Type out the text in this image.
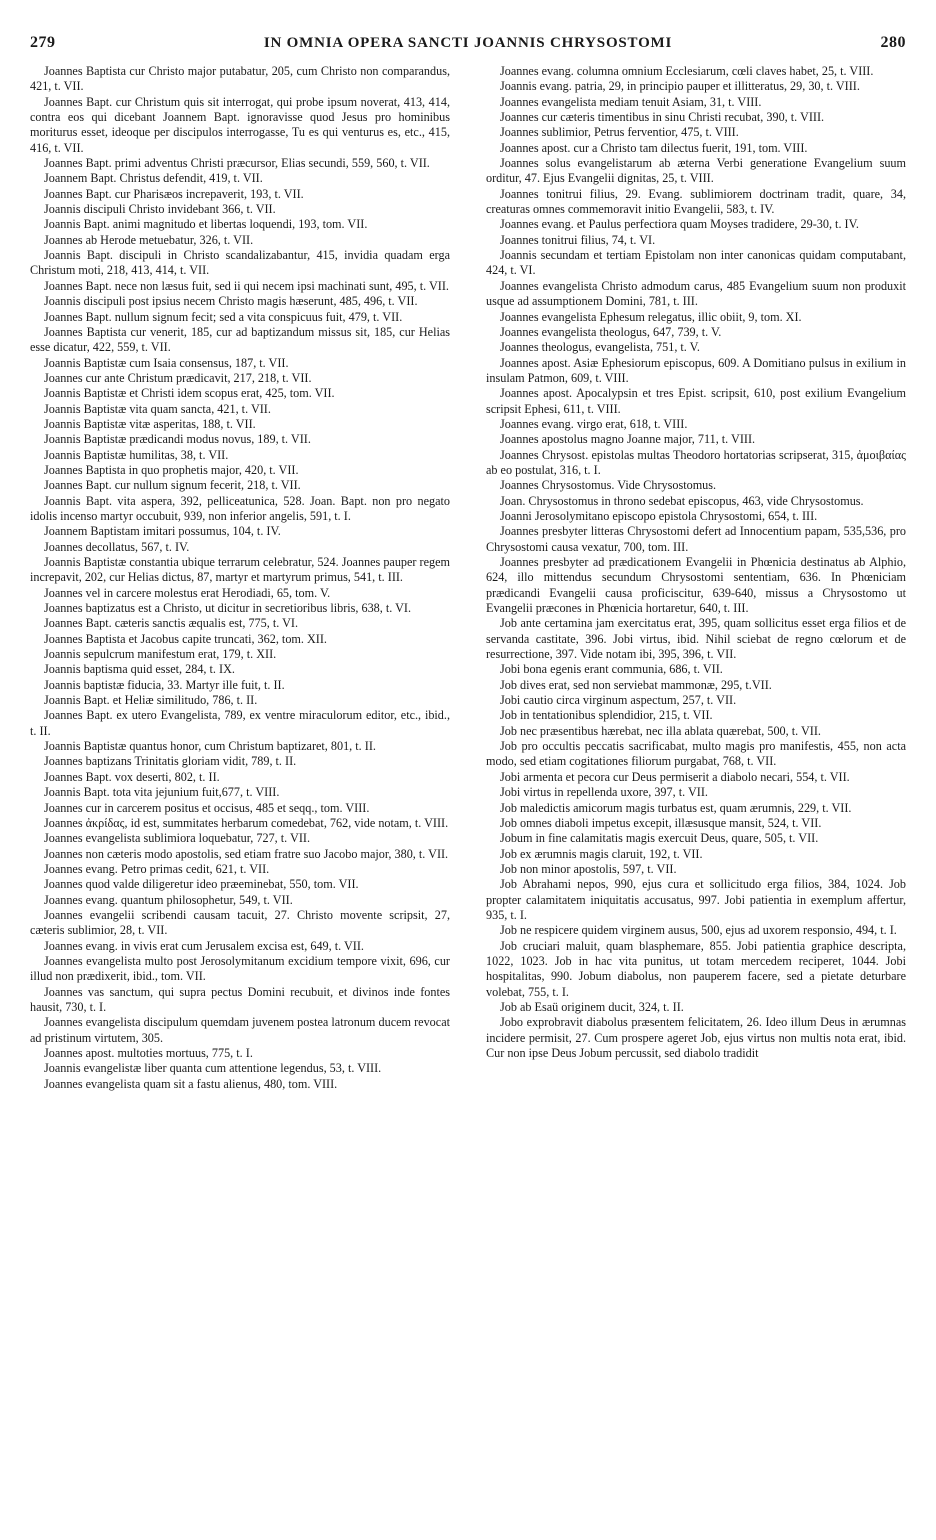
279	IN OMNIA OPERA SANCTI JOANNIS CHRYSOSTOMI	280

Joannes Baptista cur Christo major putabatur, 205, cum Christo non comparandus, 421, t. VII.

Joannes Bapt. cur Christum quis sit interrogat, qui probe ipsum noverat, 413, 414, contra eos qui dicebant Joannem Bapt. ignoravisse quod Jesus pro hominibus moriturus esset, ideoque per discipulos interrogasse, Tu es qui venturus es, etc., 415, 416, t. VII.

Joannes Bapt. primi adventus Christi præcursor, Elias secundi, 559, 560, t. VII.

Joannem Bapt. Christus defendit, 419, t. VII.

Joannes Bapt. cur Pharisæos increpaverit, 193, t. VII.

Joannis discipuli Christo invidebant 366, t. VII.

Joannis Bapt. animi magnitudo et libertas loquendi, 193, tom. VII.

Joannes ab Herode metuebatur, 326, t. VII.

Joannis Bapt. discipuli in Christo scandalizabantur, 415, invidia quadam erga Christum moti, 218, 413, 414, t. VII.

Joannes Bapt. nece non læsus fuit, sed ii qui necem ipsi machinati sunt, 495, t. VII.

Joannis discipuli post ipsius necem Christo magis hæserunt, 485, 496, t. VII.

Joannes Bapt. nullum signum fecit; sed a vita conspicuus fuit, 479, t. VII.

Joannes Baptista cur venerit, 185, cur ad baptizandum missus sit, 185, cur Helias esse dicatur, 422, 559, t. VII.

Joannis Baptistæ cum Isaia consensus, 187, t. VII.

Joannes cur ante Christum prædicavit, 217, 218, t. VII.

Joannis Baptistæ et Christi idem scopus erat, 425, tom. VII.

Joannis Baptistæ vita quam sancta, 421, t. VII.

Joannis Baptistæ vitæ asperitas, 188, t. VII.

Joannis Baptistæ prædicandi modus novus, 189, t. VII.

Joannis Baptistæ humilitas, 38, t. VII.

Joannes Baptista in quo prophetis major, 420, t. VII.

Joannes Bapt. cur nullum signum fecerit, 218, t. VII.

Joannis Bapt. vita aspera, 392, pelliceatunica, 528. Joan. Bapt. non pro negato idolis incenso martyr occubuit, 939, non inferior angelis, 591, t. I.

Joannem Baptistam imitari possumus, 104, t. IV.

Joannes decollatus, 567, t. IV.

Joannis Baptistæ constantia ubique terrarum celebratur, 524. Joannes pauper regem increpavit, 202, cur Helias dictus, 87, martyr et martyrum primus, 541, t. III.

Joannes vel in carcere molestus erat Herodiadi, 65, tom. V.

Joannes baptizatus est a Christo, ut dicitur in secretioribus libris, 638, t. VI.

Joannes Bapt. cæteris sanctis æqualis est, 775, t. VI.

Joannes Baptista et Jacobus capite truncati, 362, tom. XII.

Joannis sepulcrum manifestum erat, 179, t. XII.

Joannis baptisma quid esset, 284, t. IX.

Joannis baptistæ fiducia, 33. Martyr ille fuit, t. II.

Joannis Bapt. et Heliæ similitudo, 786, t. II.

Joannes Bapt. ex utero Evangelista, 789, ex ventre miraculorum editor, etc., ibid., t. II.

Joannis Baptistæ quantus honor, cum Christum baptizaret, 801, t. II.

Joannes baptizans Trinitatis gloriam vidit, 789, t. II.

Joannes Bapt. vox deserti, 802, t. II.

Joannis Bapt. tota vita jejunium fuit,677, t. VIII.

Joannes cur in carcerem positus et occisus, 485 et seqq., tom. VIII.

Joannes ἀκρίδας, id est, summitates herbarum comedebat, 762, vide notam, t. VIII.

Joannes evangelista sublimiora loquebatur, 727, t. VII.

Joannes non cæteris modo apostolis, sed etiam fratre suo Jacobo major, 380, t. VII.

Joannes evang. Petro primas cedit, 621, t. VII.

Joannes quod valde diligeretur ideo præeminebat, 550, tom. VII.

Joannes evang. quantum philosophetur, 549, t. VII.

Joannes evangelii scribendi causam tacuit, 27. Christo movente scripsit, 27, cæteris sublimior, 28, t. VII.

Joannes evang. in vivis erat cum Jerusalem excisa est, 649, t. VII.

Joannes evangelista multo post Jerosolymitanum excidium tempore vixit, 696, cur illud non prædixerit, ibid., tom. VII.

Joannes vas sanctum, qui supra pectus Domini recubuit, et divinos inde fontes hausit, 730, t. I.

Joannes evangelista discipulum quemdam juvenem postea latronum ducem revocat ad pristinum virtutem, 305.

Joannes apost. multoties mortuus, 775, t. I.

Joannis evangelistæ liber quanta cum attentione legendus, 53, t. VIII.

Joannes evangelista quam sit a fastu alienus, 480, tom. VIII.

Joannes evang. columna omnium Ecclesiarum, cœli claves habet, 25, t. VIII.

Joannis evang. patria, 29, in principio pauper et illitteratus, 29, 30, t. VIII.

Joannes evangelista mediam tenuit Asiam, 31, t. VIII.

Joannes cur cæteris timentibus in sinu Christi recubat, 390, t. VIII.

Joannes sublimior, Petrus ferventior, 475, t. VIII.

Joannes apost. cur a Christo tam dilectus fuerit, 191, tom. VIII.

Joannes solus evangelistarum ab æterna Verbi generatione Evangelium suum orditur, 47. Ejus Evangelii dignitas, 25, t. VIII.

Joannes tonitrui filius, 29. Evang. sublimiorem doctrinam tradit, quare, 34, creaturas omnes commemoravit initio Evangelii, 583, t. IV.

Joannes evang. et Paulus perfectiora quam Moyses tradidere, 29-30, t. IV.

Joannes tonitrui filius, 74, t. VI.

Joannis secundam et tertiam Epistolam non inter canonicas quidam computabant, 424, t. VI.

Joannes evangelista Christo admodum carus, 485 Evangelium suum non produxit usque ad assumptionem Domini, 781, t. III.

Joannes evangelista Ephesum relegatus, illic obiit, 9, tom. XI.

Joannes evangelista theologus, 647, 739, t. V.

Joannes theologus, evangelista, 751, t. V.

Joannes apost. Asiæ Ephesiorum episcopus, 609. A Domitiano pulsus in exilium in insulam Patmon, 609, t. VIII.

Joannes apost. Apocalypsin et tres Epist. scripsit, 610, post exilium Evangelium scripsit Ephesi, 611, t. VIII.

Joannes evang. virgo erat, 618, t. VIII.

Joannes apostolus magno Joanne major, 711, t. VIII.

Joannes Chrysost. epistolas multas Theodoro hortatorias scripserat, 315, ἀμοιβαίας ab eo postulat, 316, t. I.

Joannes Chrysostomus. Vide Chrysostomus.

Joan. Chrysostomus in throno sedebat episcopus, 463, vide Chrysostomus.

Joanni Jerosolymitano episcopo epistola Chrysostomi, 654, t. III.

Joannes presbyter litteras Chrysostomi defert ad Innocentium papam, 535,536, pro Chrysostomi causa vexatur, 700, tom. III.

Joannes presbyter ad prædicationem Evangelii in Phœnicia destinatus ab Alphio, 624, illo mittendus secundum Chrysostomi sententiam, 636. In Phœniciam prædicandi Evangelii causa proficiscitur, 639-640, missus a Chrysostomo ut Evangelii præcones in Phœnicia hortaretur, 640, t. III.

Job ante certamina jam exercitatus erat, 395, quam sollicitus esset erga filios et de servanda castitate, 396. Jobi virtus, ibid. Nihil sciebat de regno cœlorum et de resurrectione, 397. Vide notam ibi, 395, 396, t. VII.

Jobi bona egenis erant communia, 686, t. VII.

Job dives erat, sed non serviebat mammonæ, 295, t.VII.

Jobi cautio circa virginum aspectum, 257, t. VII.

Job in tentationibus splendidior, 215, t. VII.

Job nec præsentibus hærebat, nec illa ablata quærebat, 500, t. VII.

Job pro occultis peccatis sacrificabat, multo magis pro manifestis, 455, non acta modo, sed etiam cogitationes filiorum purgabat, 768, t. VII.

Jobi armenta et pecora cur Deus permiserit a diabolo necari, 554, t. VII.

Jobi virtus in repellenda uxore, 397, t. VII.

Job maledictis amicorum magis turbatus est, quam ærumnis, 229, t. VII.

Job omnes diaboli impetus excepit, illæsusque mansit, 524, t. VII.

Jobum in fine calamitatis magis exercuit Deus, quare, 505, t. VII.

Job ex ærumnis magis claruit, 192, t. VII.

Job non minor apostolis, 597, t. VII.

Job Abrahami nepos, 990, ejus cura et sollicitudo erga filios, 384, 1024. Job propter calamitatem iniquitatis accusatus, 997. Jobi patientia in exemplum affertur, 935, t. I.

Job ne respicere quidem virginem ausus, 500, ejus ad uxorem responsio, 494, t. I.

Job cruciari maluit, quam blasphemare, 855. Jobi patientia graphice descripta, 1022, 1023. Job in hac vita punitus, ut totam mercedem reciperet, 1044. Jobi hospitalitas, 990. Jobum diabolus, non pauperem facere, sed a pietate deturbare volebat, 755, t. I.

Job ab Esaü originem ducit, 324, t. II.

Jobo exprobravit diabolus præsentem felicitatem, 26. Ideo illum Deus in ærumnas incidere permisit, 27. Cum prospere ageret Job, ejus virtus non multis nota erat, ibid. Cur non ipse Deus Jobum percussit, sed diabolo tradidit
